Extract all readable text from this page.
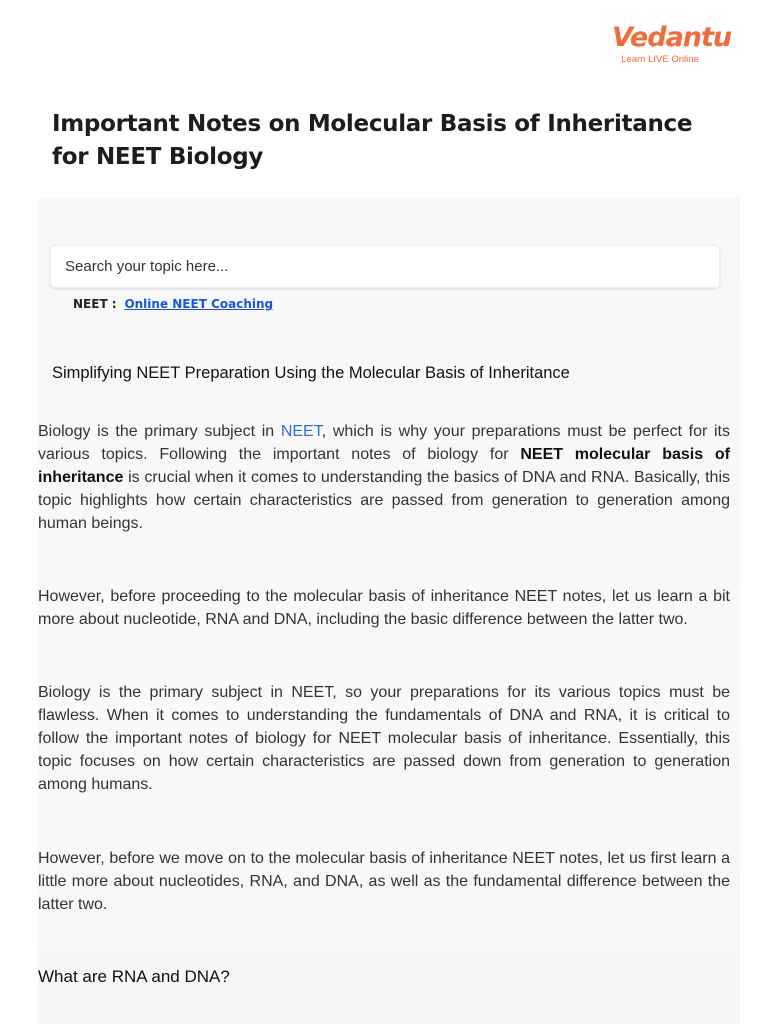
Vedantu
Learn LIVE Online
Important Notes on Molecular Basis of Inheritance for NEET Biology
Search your topic here...
NEET : Online NEET Coaching
Simplifying NEET Preparation Using the Molecular Basis of Inheritance

Biology is the primary subject in NEET, which is why your preparations must be perfect for its various topics. Following the important notes of biology for NEET molecular basis of inheritance is crucial when it comes to understanding the basics of DNA and RNA. Basically, this topic highlights how certain characteristics are passed from generation to generation among human beings.

However, before proceeding to the molecular basis of inheritance NEET notes, let us learn a bit more about nucleotide, RNA and DNA, including the basic difference between the latter two.

Biology is the primary subject in NEET, so your preparations for its various topics must be flawless. When it comes to understanding the fundamentals of DNA and RNA, it is critical to follow the important notes of biology for NEET molecular basis of inheritance. Essentially, this topic focuses on how certain characteristics are passed down from generation to generation among humans.

However, before we move on to the molecular basis of inheritance NEET notes, let us first learn a little more about nucleotides, RNA, and DNA, as well as the fundamental difference between the latter two.

What are RNA and DNA?
